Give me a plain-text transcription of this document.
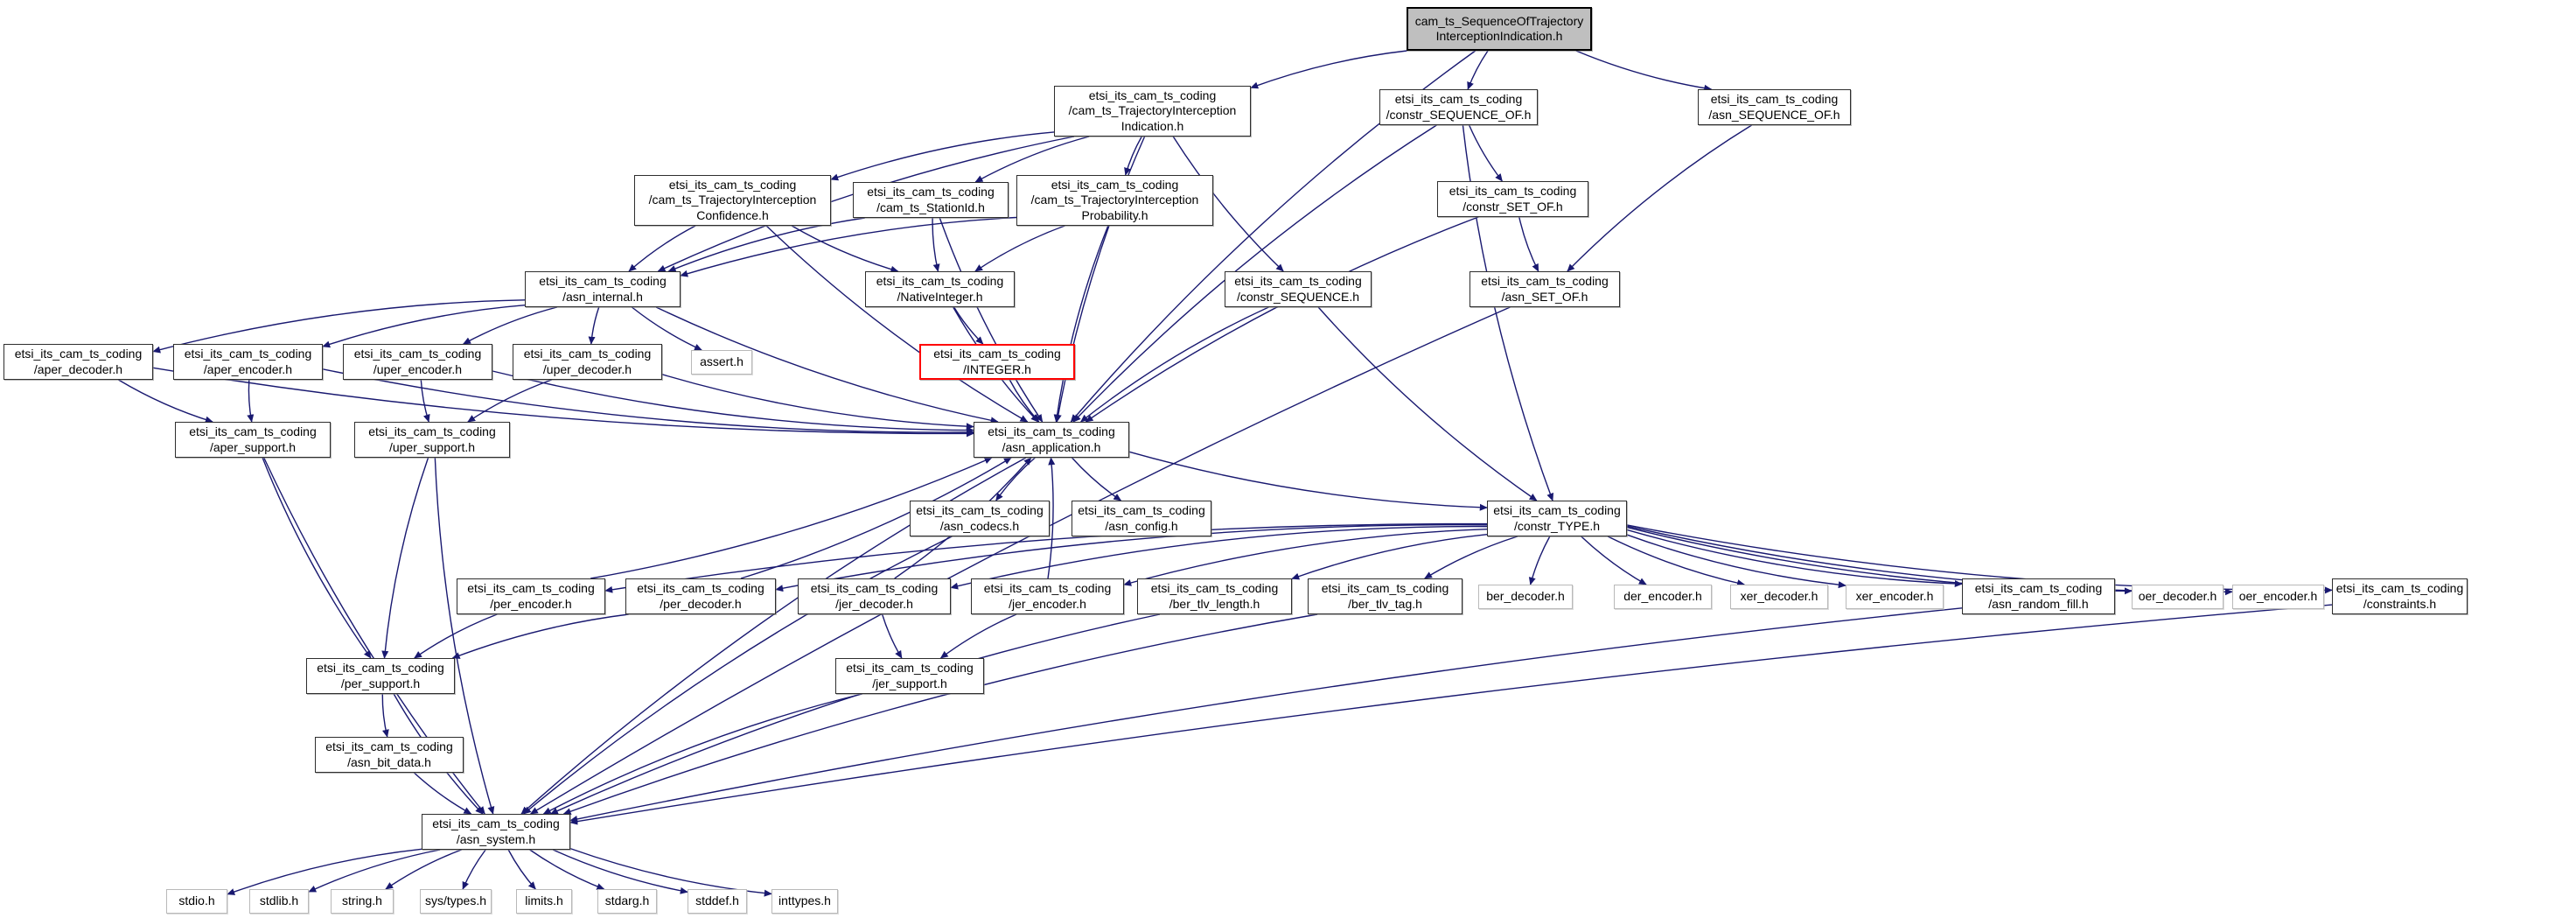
cam_ts_SequenceOfTrajectory
InterceptionIndication.h
etsi_its_cam_ts_coding
/cam_ts_TrajectoryInterception
Indication.h
etsi_its_cam_ts_coding
/constr_SEQUENCE_OF.h
etsi_its_cam_ts_coding
/asn_SEQUENCE_OF.h
etsi_its_cam_ts_coding
/cam_ts_TrajectoryInterception
Confidence.h
etsi_its_cam_ts_coding
/cam_ts_StationId.h
etsi_its_cam_ts_coding
/cam_ts_TrajectoryInterception
Probability.h
etsi_its_cam_ts_coding
/constr_SET_OF.h
etsi_its_cam_ts_coding
/asn_internal.h
etsi_its_cam_ts_coding
/NativeInteger.h
etsi_its_cam_ts_coding
/constr_SEQUENCE.h
etsi_its_cam_ts_coding
/asn_SET_OF.h
etsi_its_cam_ts_coding
/aper_decoder.h
etsi_its_cam_ts_coding
/aper_encoder.h
etsi_its_cam_ts_coding
/uper_encoder.h
etsi_its_cam_ts_coding
/uper_decoder.h
assert.h
etsi_its_cam_ts_coding
/INTEGER.h
etsi_its_cam_ts_coding
/aper_support.h
etsi_its_cam_ts_coding
/uper_support.h
etsi_its_cam_ts_coding
/asn_application.h
etsi_its_cam_ts_coding
/asn_codecs.h
etsi_its_cam_ts_coding
/asn_config.h
etsi_its_cam_ts_coding
/constr_TYPE.h
etsi_its_cam_ts_coding
/per_encoder.h
etsi_its_cam_ts_coding
/per_decoder.h
etsi_its_cam_ts_coding
/jer_decoder.h
etsi_its_cam_ts_coding
/jer_encoder.h
etsi_its_cam_ts_coding
/ber_tlv_length.h
etsi_its_cam_ts_coding
/ber_tlv_tag.h
ber_decoder.h	der_encoder.h	xer_decoder.h	xer_encoder.h
etsi_its_cam_ts_coding
/asn_random_fill.h
oer_decoder.h oer_encoder.h
etsi_its_cam_ts_coding
/constraints.h
etsi_its_cam_ts_coding
/per_support.h
etsi_its_cam_ts_coding
/jer_support.h
etsi_its_cam_ts_coding
/asn_bit_data.h
etsi_its_cam_ts_coding
/asn_system.h
stdio.h	stdlib.h	string.h	sys/types.h	limits.h	stdarg.h	stddef.h	inttypes.h
